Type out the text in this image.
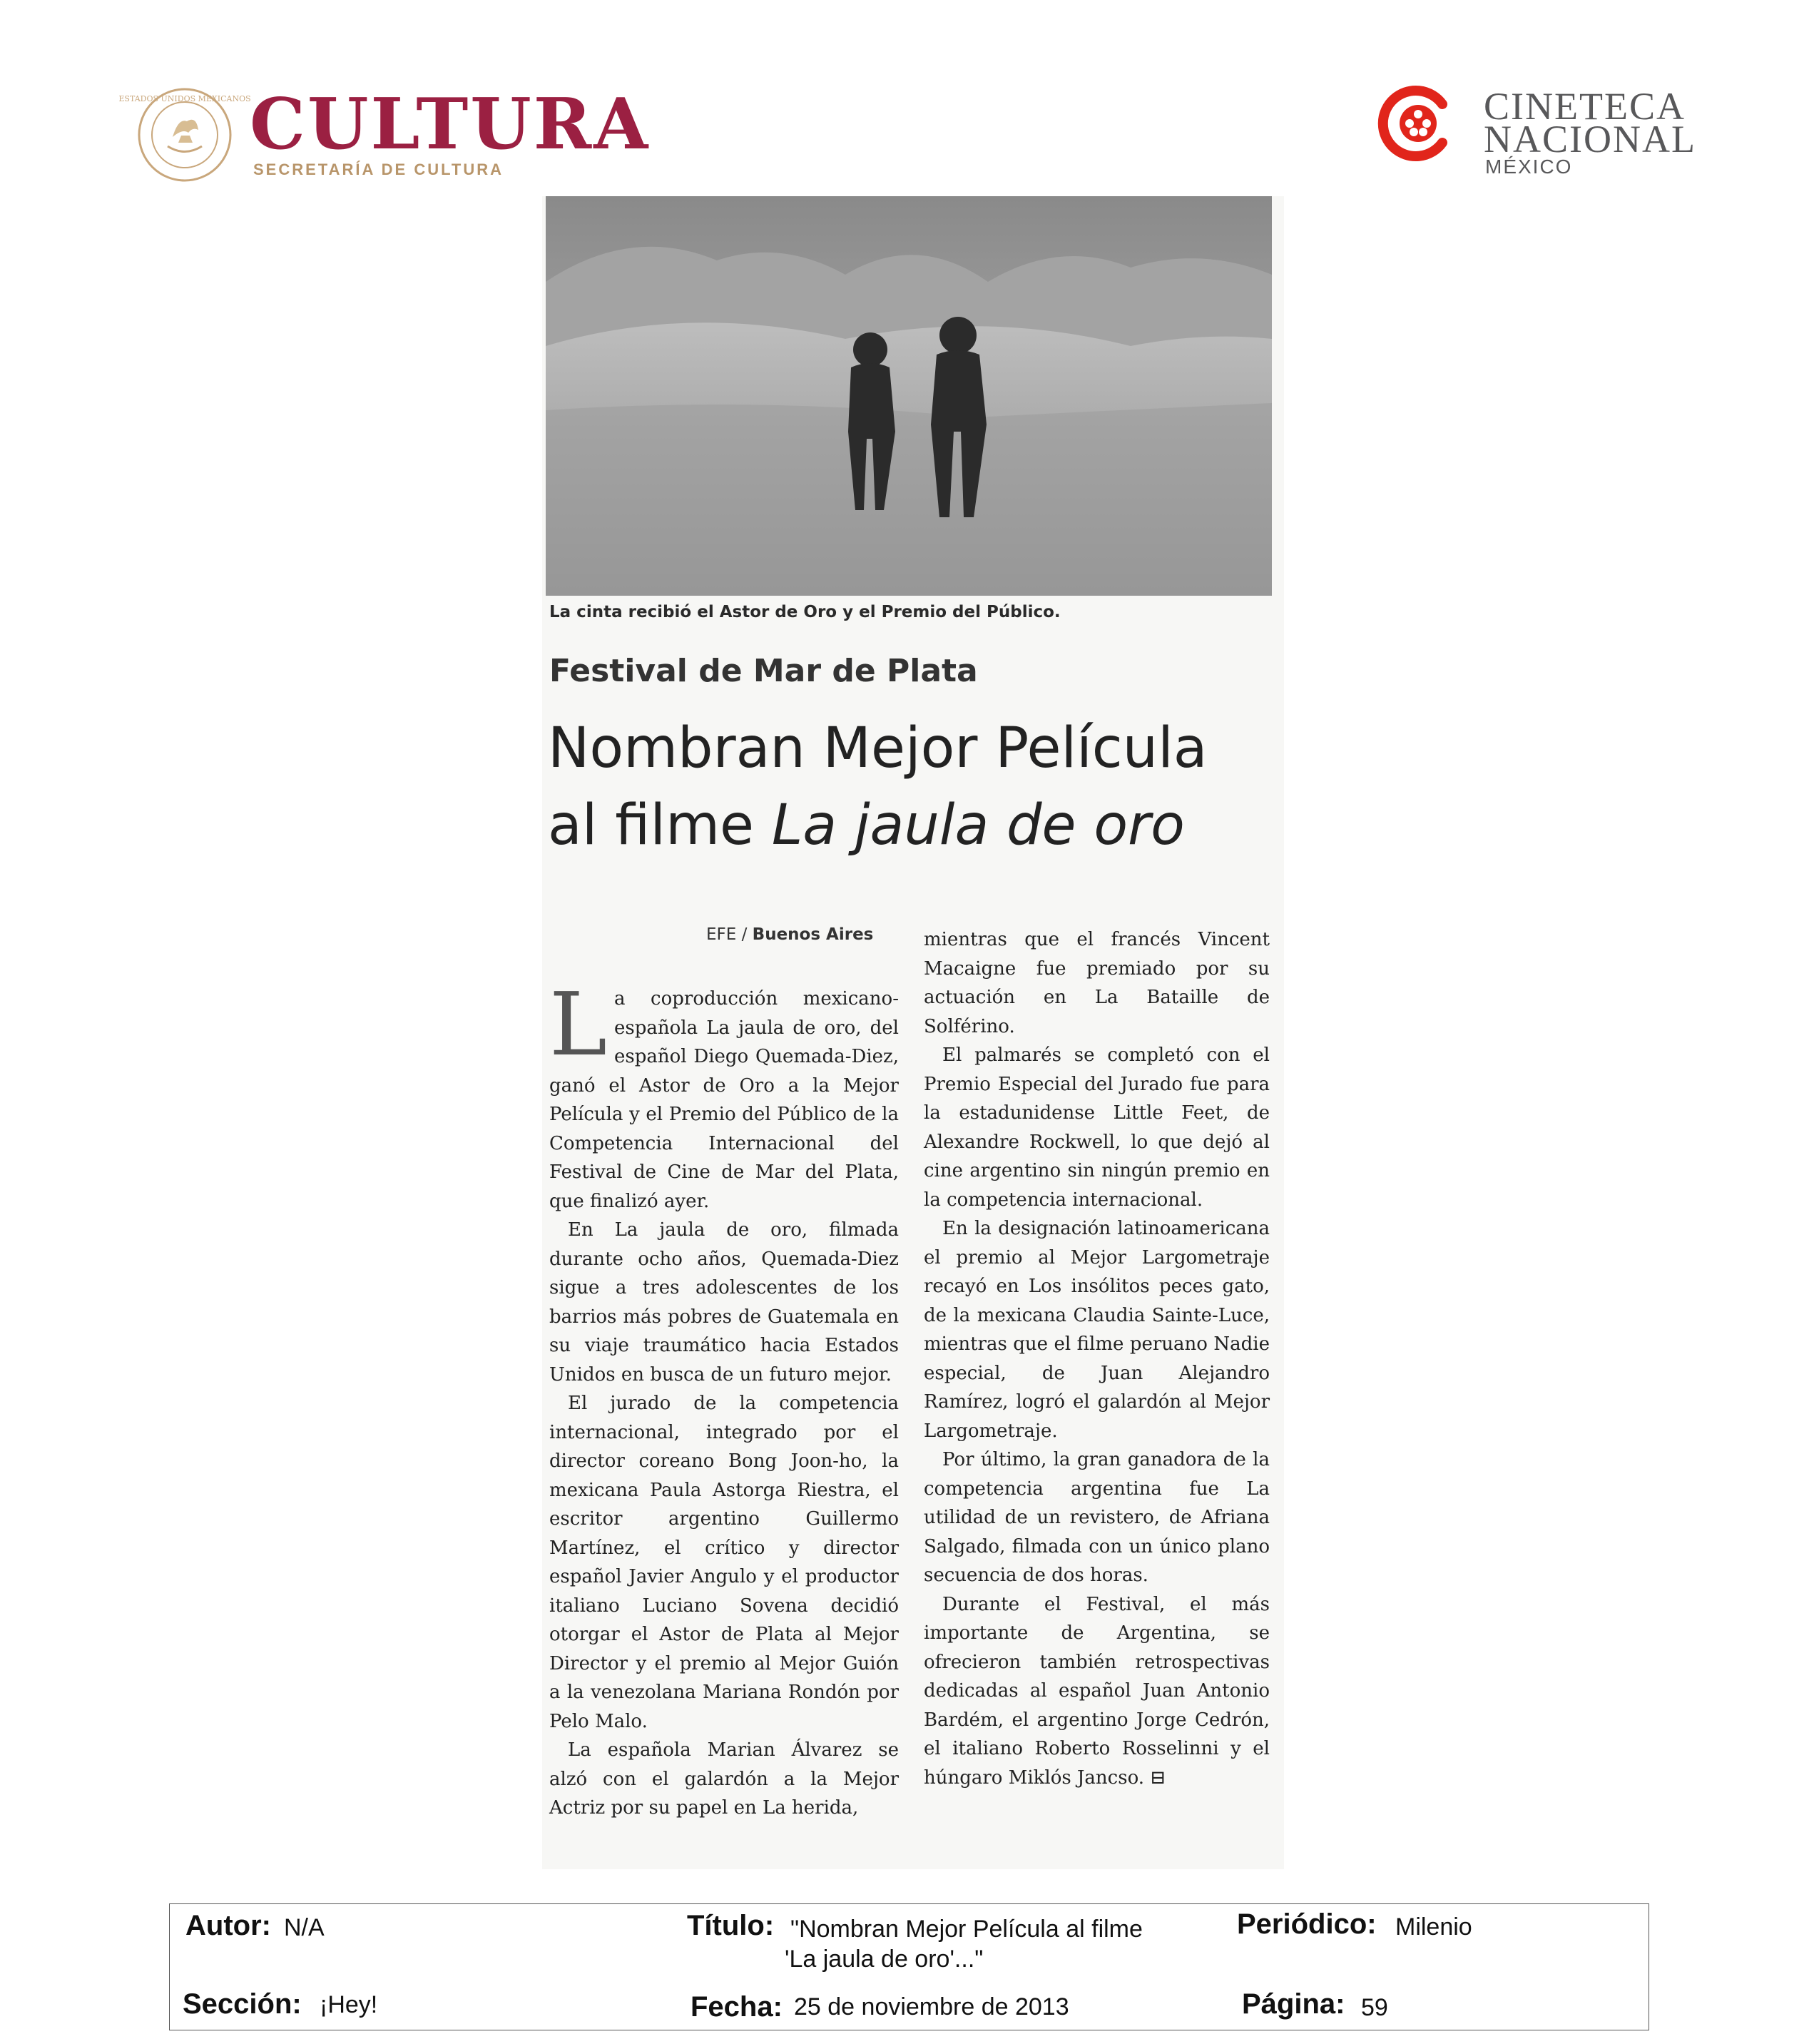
ESTADOS UNIDOS MEXICANOS
CULTURA
SECRETARÍA DE CULTURA
CINETECA
NACIONAL
MÉXICO
La cinta recibió el Astor de Oro y el Premio del Público.
Festival de Mar de Plata
Nombran Mejor Película
al filme La jaula de oro
EFE / Buenos Aires

La coproducción mexicano-española La jaula de oro, del español Diego Quemada-Diez, ganó el Astor de Oro a la Mejor Película y el Premio del Público de la Competencia Internacional del Festival de Cine de Mar del Plata, que finalizó ayer.

En La jaula de oro, filmada durante ocho años, Quemada-Diez sigue a tres adolescentes de los barrios más pobres de Guatemala en su viaje traumático hacia Estados Unidos en busca de un futuro mejor.

El jurado de la competencia internacional, integrado por el director coreano Bong Joon-ho, la mexicana Paula Astorga Riestra, el escritor argentino Guillermo Martínez, el crítico y director español Javier Angulo y el productor italiano Luciano Sovena decidió otorgar el Astor de Plata al Mejor Director y el premio al Mejor Guión a la venezolana Mariana Rondón por Pelo Malo.

La española Marian Álvarez se alzó con el galardón a la Mejor Actriz por su papel en La herida,

mientras que el francés Vincent Macaigne fue premiado por su actuación en La Bataille de Solférino.

El palmarés se completó con el Premio Especial del Jurado fue para la estadunidense Little Feet, de Alexandre Rockwell, lo que dejó al cine argentino sin ningún premio en la competencia internacional.

En la designación latinoamericana el premio al Mejor Largometraje recayó en Los insólitos peces gato, de la mexicana Claudia Sainte-Luce, mientras que el filme peruano Nadie especial, de Juan Alejandro Ramírez, logró el galardón al Mejor Largometraje.

Por último, la gran ganadora de la competencia argentina fue La utilidad de un revistero, de Afriana Salgado, filmada con un único plano secuencia de dos horas.

Durante el Festival, el más importante de Argentina, se ofrecieron también retrospectivas dedicadas al español Juan Antonio Bardém, el argentino Jorge Cedrón, el italiano Roberto Rosselinni y el húngaro Miklós Jancso. ⊟

Autor: N/A	Título: "Nombran Mejor Película al filme
'La jaula de oro'..."
Periódico: Milenio
Sección: ¡Hey!	Fecha: 25 de noviembre de 2013	Página: 59
